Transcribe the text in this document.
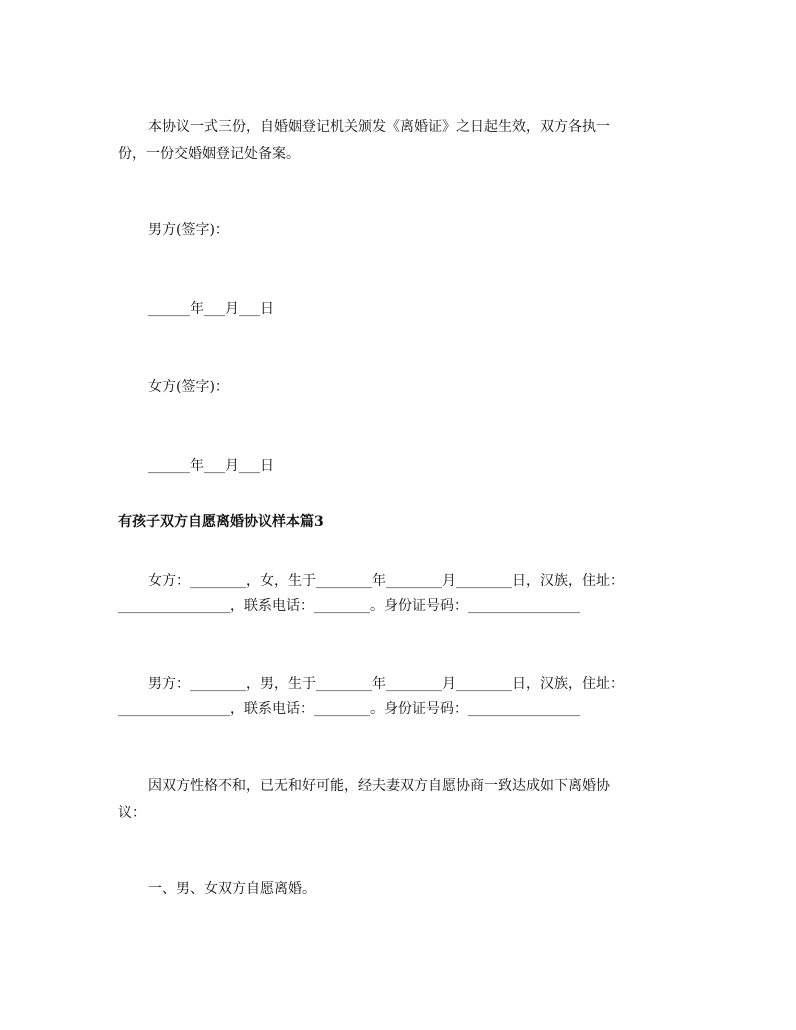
本协议一式三份，自婚姻登记机关颁发《离婚证》之日起生效，双方各执一
份，一份交婚姻登记处备案。
男方(签字)：
______年___月___日
女方(签字)：
______年___月___日
有孩子双方自愿离婚协议样本篇3
女方：________，女，生于________年________月________日，汉族，住址：
________________，联系电话：________。身份证号码：________________
男方：________，男，生于________年________月________日，汉族，住址：
________________，联系电话：________。身份证号码：________________
因双方性格不和，已无和好可能，经夫妻双方自愿协商一致达成如下离婚协
议：
一、男、女双方自愿离婚。
